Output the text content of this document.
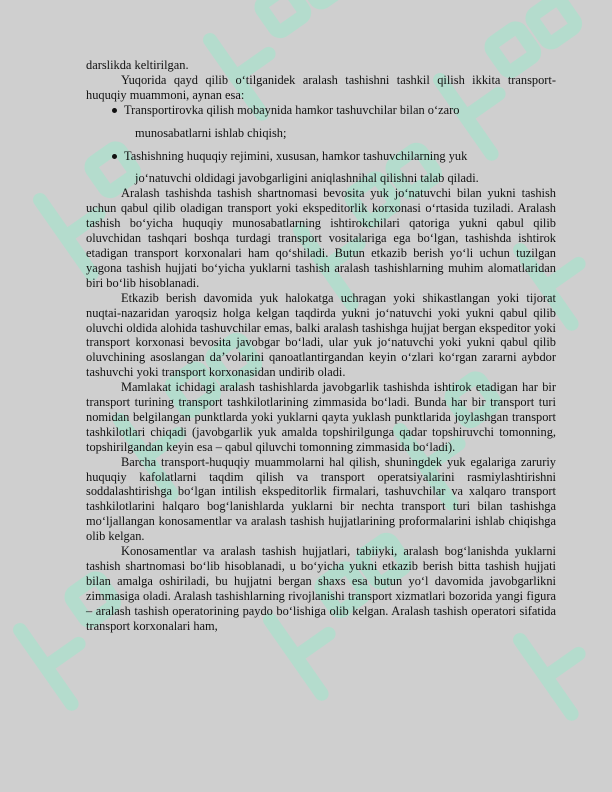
darslikda keltirilgan.

Yuqorida qayd qilib o‘tilganidek aralash tashishni tashkil qilish ikkita transport-huquqiy muammoni, aynan esa:

Transportirovka qilish mobaynida hamkor tashuvchilar bilan o‘zaro
munosabatlarni ishlab chiqish;
Tashishning huquqiy rejimini, xususan, hamkor tashuvchilarning yuk
jo‘natuvchi oldidagi javobgarligini aniqlashnihal qilishni talab qiladi.

Aralash tashishda tashish shartnomasi bevosita yuk jo‘natuvchi bilan yukni tashish uchun qabul qilib oladigan transport yoki ekspeditorlik korxonasi o‘rtasida tuziladi. Aralash tashish bo‘yicha huquqiy munosabatlarning ishtirokchilari qatoriga yukni qabul qilib oluvchidan tashqari boshqa turdagi transport vositalariga ega bo‘lgan, tashishda ishtirok etadigan transport korxonalari ham qo‘shiladi. Butun etkazib berish yo‘li uchun tuzilgan yagona tashish hujjati bo‘yicha yuklarni tashish aralash tashishlarning muhim alomatlaridan biri bo‘lib hisoblanadi.

Etkazib berish davomida yuk halokatga uchragan yoki shikastlangan yoki tijorat nuqtai-nazaridan yaroqsiz holga kelgan taqdirda yukni jo‘natuvchi yoki yukni qabul qilib oluvchi oldida alohida tashuvchilar emas, balki aralash tashishga hujjat bergan ekspeditor yoki transport korxonasi bevosita javobgar bo‘ladi, ular yuk jo‘natuvchi yoki yukni qabul qilib oluvchining asoslangan da’volarini qanoatlantirgandan keyin o‘zlari ko‘rgan zararni aybdor tashuvchi yoki transport korxonasidan undirib oladi.

Mamlakat ichidagi aralash tashishlarda javobgarlik tashishda ishtirok etadigan har bir transport turining transport tashkilotlarining zimmasida bo‘ladi. Bunda har bir transport turi nomidan belgilangan punktlarda yoki yuklarni qayta yuklash punktlarida joylashgan transport tashkilotlari chiqadi (javobgarlik yuk amalda topshirilgunga qadar topshiruvchi tomonning, topshirilgandan keyin esa – qabul qiluvchi tomonning zimmasida bo‘ladi).

Barcha transport-huquqiy muammolarni hal qilish, shuningdek yuk egalariga zaruriy huquqiy kafolatlarni taqdim qilish va transport operatsiyalarini rasmiylashtirishni soddalashtirishga bo‘lgan intilish ekspeditorlik firmalari, tashuvchilar va xalqaro transport tashkilotlarini halqaro bog‘lanishlarda yuklarni bir nechta transport turi bilan tashishga mo‘ljallangan konosamentlar va aralash tashish hujjatlarining proformalarini ishlab chiqishga olib kelgan.

Konosamentlar va aralash tashish hujjatlari, tabiiyki, aralash bog‘lanishda yuklarni tashish shartnomasi bo‘lib hisoblanadi, u bo‘yicha yukni etkazib berish bitta tashish hujjati bilan amalga oshiriladi, bu hujjatni bergan shaxs esa butun yo‘l davomida javobgarlikni zimmasiga oladi. Aralash tashishlarning rivojlanishi transport xizmatlari bozorida yangi figura – aralash tashish operatorining paydo bo‘lishiga olib kelgan. Aralash tashish operatori sifatida transport korxonalari ham,
